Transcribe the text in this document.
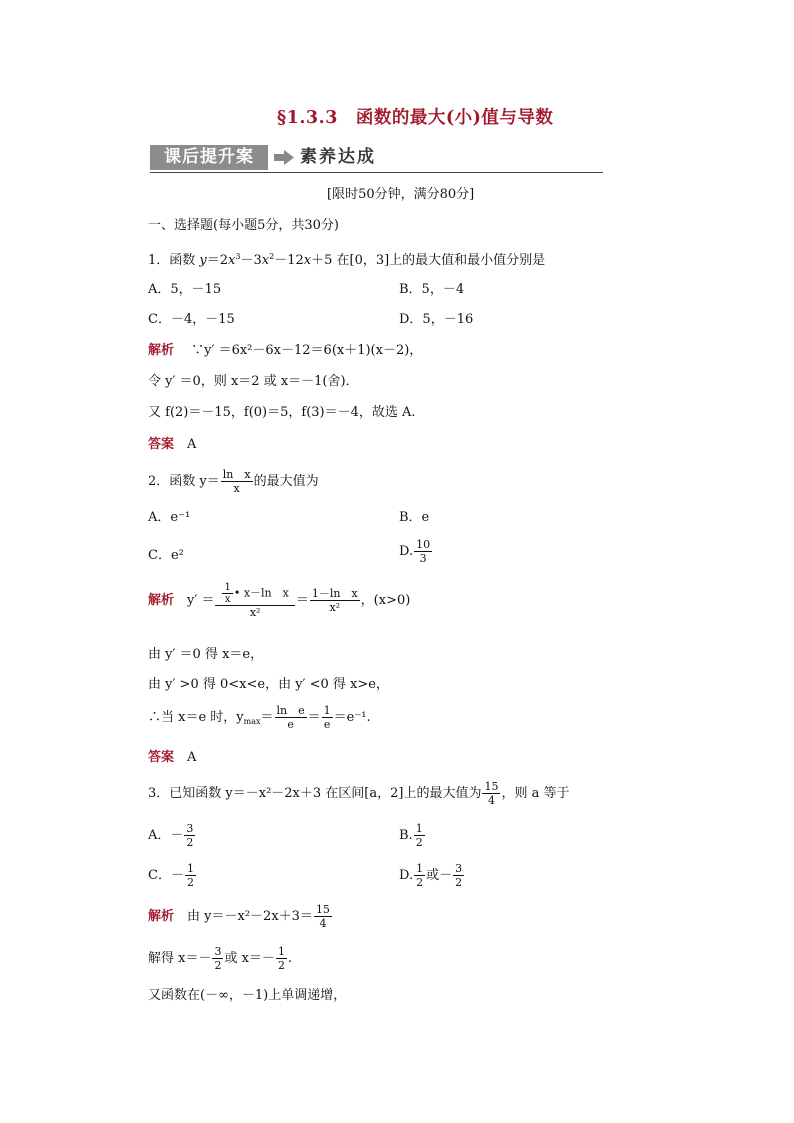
§1.3.3　函数的最大(小)值与导数
课后提升案	素养达成
[限时50分钟，满分80分]
一、选择题(每小题5分，共30分)
1．函数 $y=2x^3-3x^2-12x+5$ 在[0，3]上的最大值和最小值分别是
A．5，－15	B．5，－4
C．－4，－15	D．5，－16
解析　 ∵y′ ＝6x²－6x－12＝6(x＋1)(x－2)，
令 y′ ＝0，则 x＝2 或 x＝－1(舍)．
又 f(2)＝－15，f(0)＝5，f(3)＝－4，故选 A.
答案　 A
2．函数 $y= \frac{\text{ln　x}}{x}$ 的最大值为
A．e⁻¹	B．e
C．e²	D. $\frac{10}{3}$
解析　 $y' = \frac{\frac{1}{x} • x-\ln x}{\text{x²}} = \frac{\text{1－ln　x}}{\text{x²}}$ ，(x>0)
由 y′ ＝0 得 x＝e，
由 y′ >0 得 0<x<e，由 y′ <0 得 x>e，
∴当 x＝e 时，$y_{max}= \frac{\text{ln　e}}{e} = \frac{1}{e} =e^{-1}$.
答案　 A
3．已知函数 y＝－x²－2x＋3 在区间[a，2]上的最大值为 $\frac{15}{4}$ ，则 a 等于
A．－ $\frac{3}{2}$	B. $\frac{1}{2}$
C．－ $\frac{1}{2}$	D. $\frac{1}{2}$ 或－ $\frac{3}{2}$
解析　 由 $y=-x^2-2x+3= \frac{15}{4}$
解得 $x=- \frac{3}{2}$ 或 $x=- \frac{1}{2}$ .
又函数在(－∞，－1)上单调递增，
